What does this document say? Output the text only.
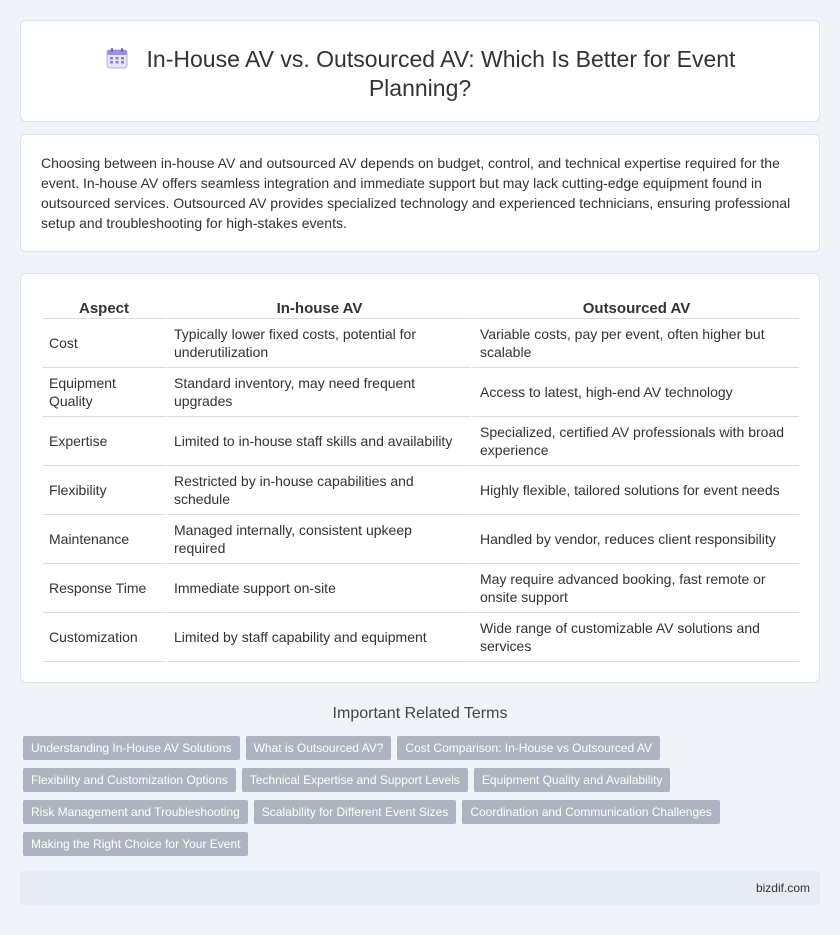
In-House AV vs. Outsourced AV: Which Is Better for Event Planning?

Choosing between in-house AV and outsourced AV depends on budget, control, and technical expertise required for the event. In-house AV offers seamless integration and immediate support but may lack cutting-edge equipment found in outsourced services. Outsourced AV provides specialized technology and experienced technicians, ensuring professional setup and troubleshooting for high-stakes events.

Aspect	In-house AV	Outsourced AV
Cost	Typically lower fixed costs, potential for underutilization	Variable costs, pay per event, often higher but scalable
Equipment Quality	Standard inventory, may need frequent upgrades	Access to latest, high-end AV technology
Expertise	Limited to in-house staff skills and availability	Specialized, certified AV professionals with broad experience
Flexibility	Restricted by in-house capabilities and schedule	Highly flexible, tailored solutions for event needs
Maintenance	Managed internally, consistent upkeep required	Handled by vendor, reduces client responsibility
Response Time	Immediate support on-site	May require advanced booking, fast remote or onsite support
Customization	Limited by staff capability and equipment	Wide range of customizable AV solutions and services
Important Related Terms
Understanding In-House AV Solutions	What is Outsourced AV?	Cost Comparison: In-House vs Outsourced AV
Flexibility and Customization Options	Technical Expertise and Support Levels	Equipment Quality and Availability
Risk Management and Troubleshooting	Scalability for Different Event Sizes	Coordination and Communication Challenges
Making the Right Choice for Your Event
bizdif.com
